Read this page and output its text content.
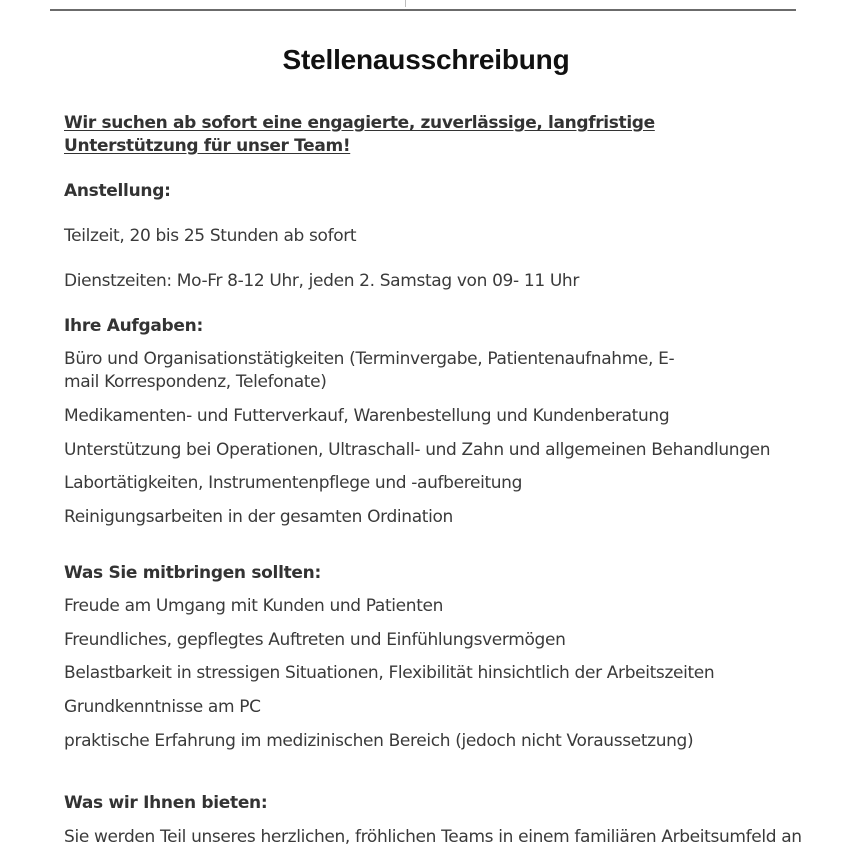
Stellenausschreibung

Wir suchen ab sofort eine engagierte, zuverlässige, langfristige Unterstützung für unser Team!

Anstellung:

Teilzeit, 20 bis 25 Stunden ab sofort

Dienstzeiten: Mo-Fr 8-12 Uhr, jeden 2. Samstag von 09- 11 Uhr

Ihre Aufgaben:

Büro und Organisationstätigkeiten (Terminvergabe, Patientenaufnahme, E-mail Korrespondenz, Telefonate)

Medikamenten- und Futterverkauf, Warenbestellung und Kundenberatung

Unterstützung bei Operationen, Ultraschall- und Zahn und allgemeinen Behandlungen

Labortätigkeiten, Instrumentenpflege und -aufbereitung

Reinigungsarbeiten in der gesamten Ordination

Was Sie mitbringen sollten:

Freude am Umgang mit Kunden und Patienten

Freundliches, gepflegtes Auftreten und Einfühlungsvermögen

Belastbarkeit in stressigen Situationen, Flexibilität hinsichtlich der Arbeitszeiten

Grundkenntnisse am PC

praktische Erfahrung im medizinischen Bereich (jedoch nicht Voraussetzung)

Was wir Ihnen bieten:

Sie werden Teil unseres herzlichen, fröhlichen Teams in einem familiären Arbeitsumfeld an
